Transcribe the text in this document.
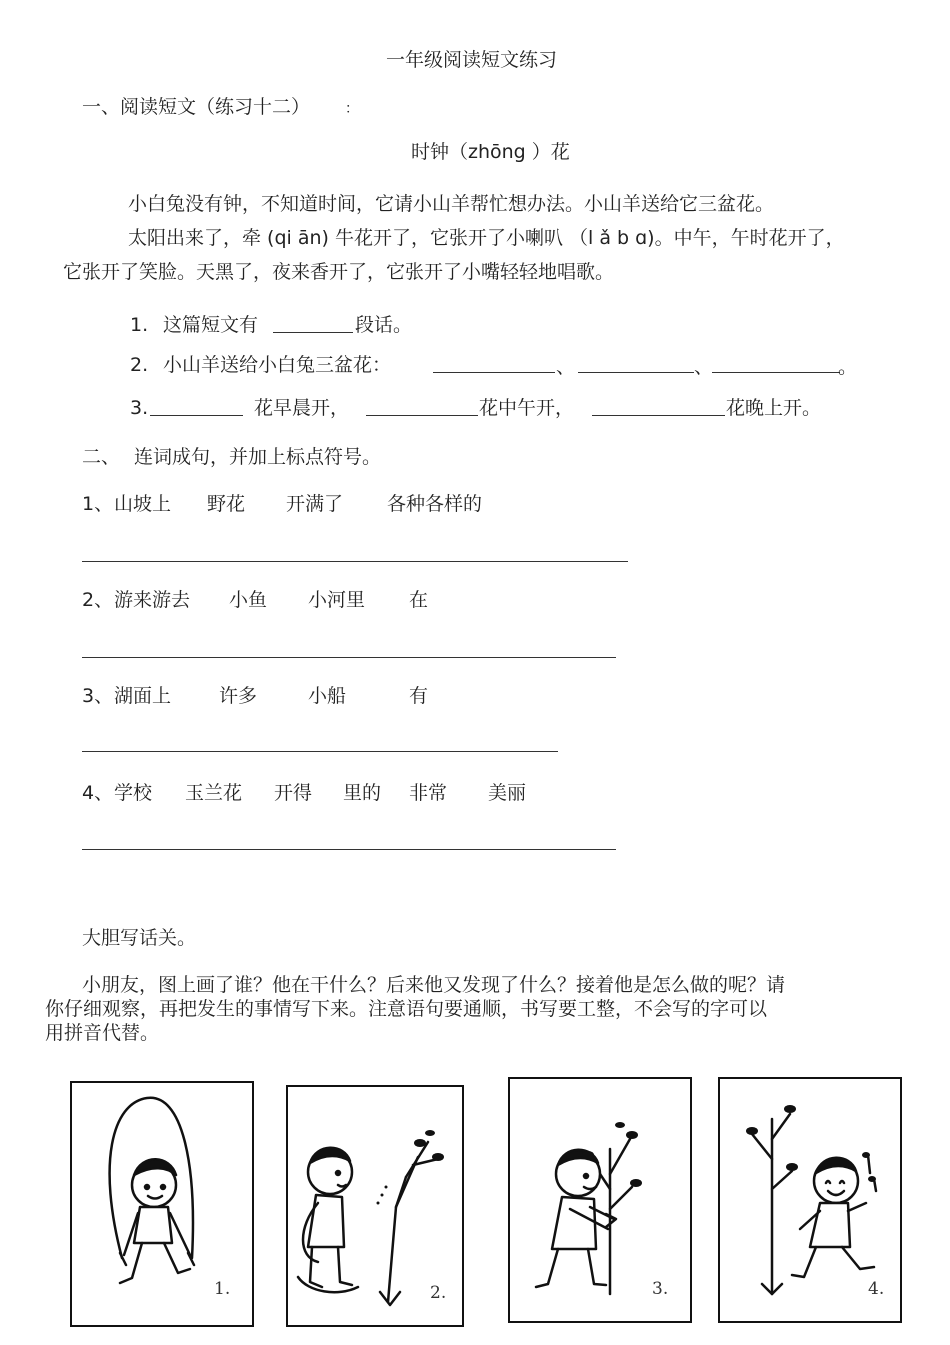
一年级阅读短文练习
一、阅读短文（练习十二） ：
时钟（zhōng ）花
小白兔没有钟，不知道时间，它请小山羊帮忙想办法。小山羊送给它三盆花。
太阳出来了，牵 (qi ān) 牛花开了，它张开了小喇叭 （l ǎ b ɑ)。中午，午时花开了，
它张开了笑脸。天黑了，夜来香开了，它张开了小嘴轻轻地唱歌。
1. 这篇短文有	段话。
2. 小山羊送给小白兔三盆花：	、	、	。
3.	花早晨开，	花中午开，	花晚上开。
二、 连词成句，并加上标点符号。
1、 山坡上 野花 开满了 各种各样的
2、 游来游去 小鱼 小河里 在
3、 湖面上	许多	小船	有
4、 学校 玉兰花 开得 里的 非常 美丽
大胆写话关。
小朋友，图上画了谁？他在干什么？后来他又发现了什么？接着他是怎么做的呢？请
你仔细观察，再把发生的事情写下来。注意语句要通顺，书写要工整，不会写的字可以
用拼音代替。
1.	2.	3.	4.
